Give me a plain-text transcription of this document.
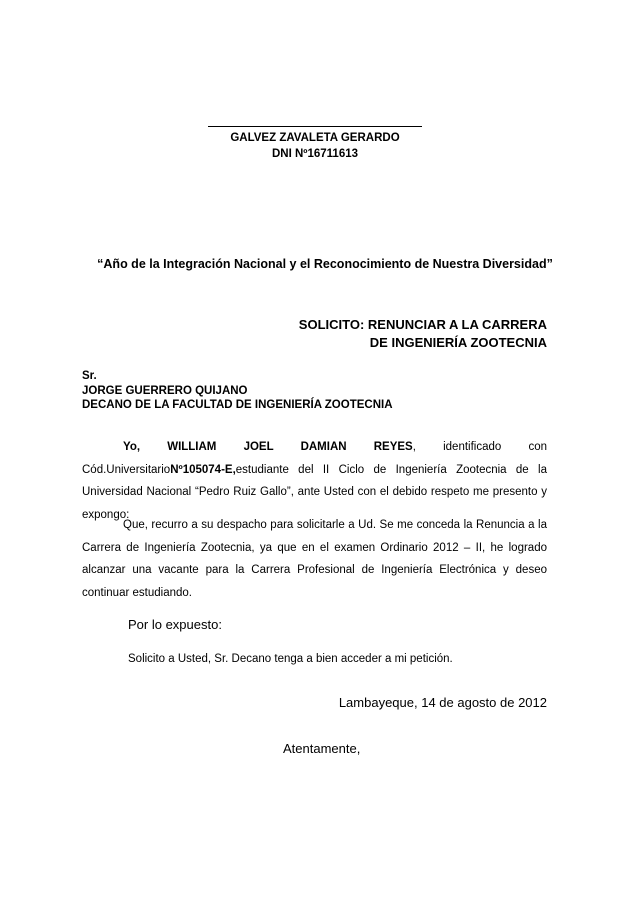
GALVEZ ZAVALETA GERARDO
DNI Nº16711613
“Año de la Integración Nacional y el Reconocimiento de Nuestra Diversidad”
SOLICITO: RENUNCIAR A LA CARRERA
DE INGENIERÍA ZOOTECNIA
Sr.
JORGE GUERRERO QUIJANO
DECANO DE LA FACULTAD DE INGENIERÍA ZOOTECNIA

Yo, WILLIAM JOEL DAMIAN REYES, identificado con Cód.UniversitarioNº105074-E,estudiante del II Ciclo de Ingeniería Zootecnia de la Universidad Nacional “Pedro Ruiz Gallo”, ante Usted con el debido respeto me presento y expongo:

Que, recurro a su despacho para solicitarle a Ud. Se me conceda la Renuncia a la Carrera de Ingeniería Zootecnia, ya que en el examen Ordinario 2012 – II, he logrado alcanzar una vacante para la Carrera Profesional de Ingeniería Electrónica y deseo continuar estudiando.

Por lo expuesto:
Solicito a Usted, Sr. Decano tenga a bien acceder a mi petición.
Lambayeque, 14 de agosto de 2012
Atentamente,
